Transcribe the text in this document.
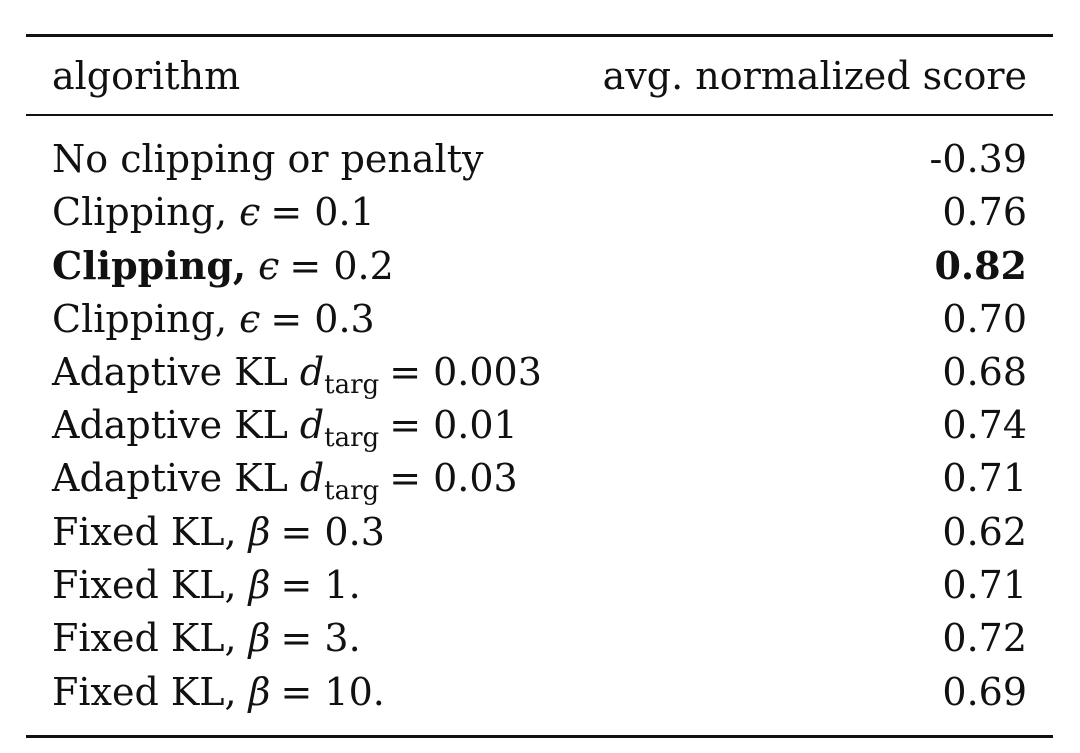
algorithm	avg. normalized score
No clipping or penalty	-0.39
Clipping, ϵ = 0.1	0.76
Clipping, ϵ = 0.2	0.82
Clipping, ϵ = 0.3	0.70
Adaptive KL $d_{targ} = 0.003$	0.68
Adaptive KL $d_{targ} = 0.01$	0.74
Adaptive KL $d_{targ} = 0.03$	0.71
Fixed KL, β = 0.3	0.62
Fixed KL, β = 1.	0.71
Fixed KL, β = 3.	0.72
Fixed KL, β = 10.	0.69
